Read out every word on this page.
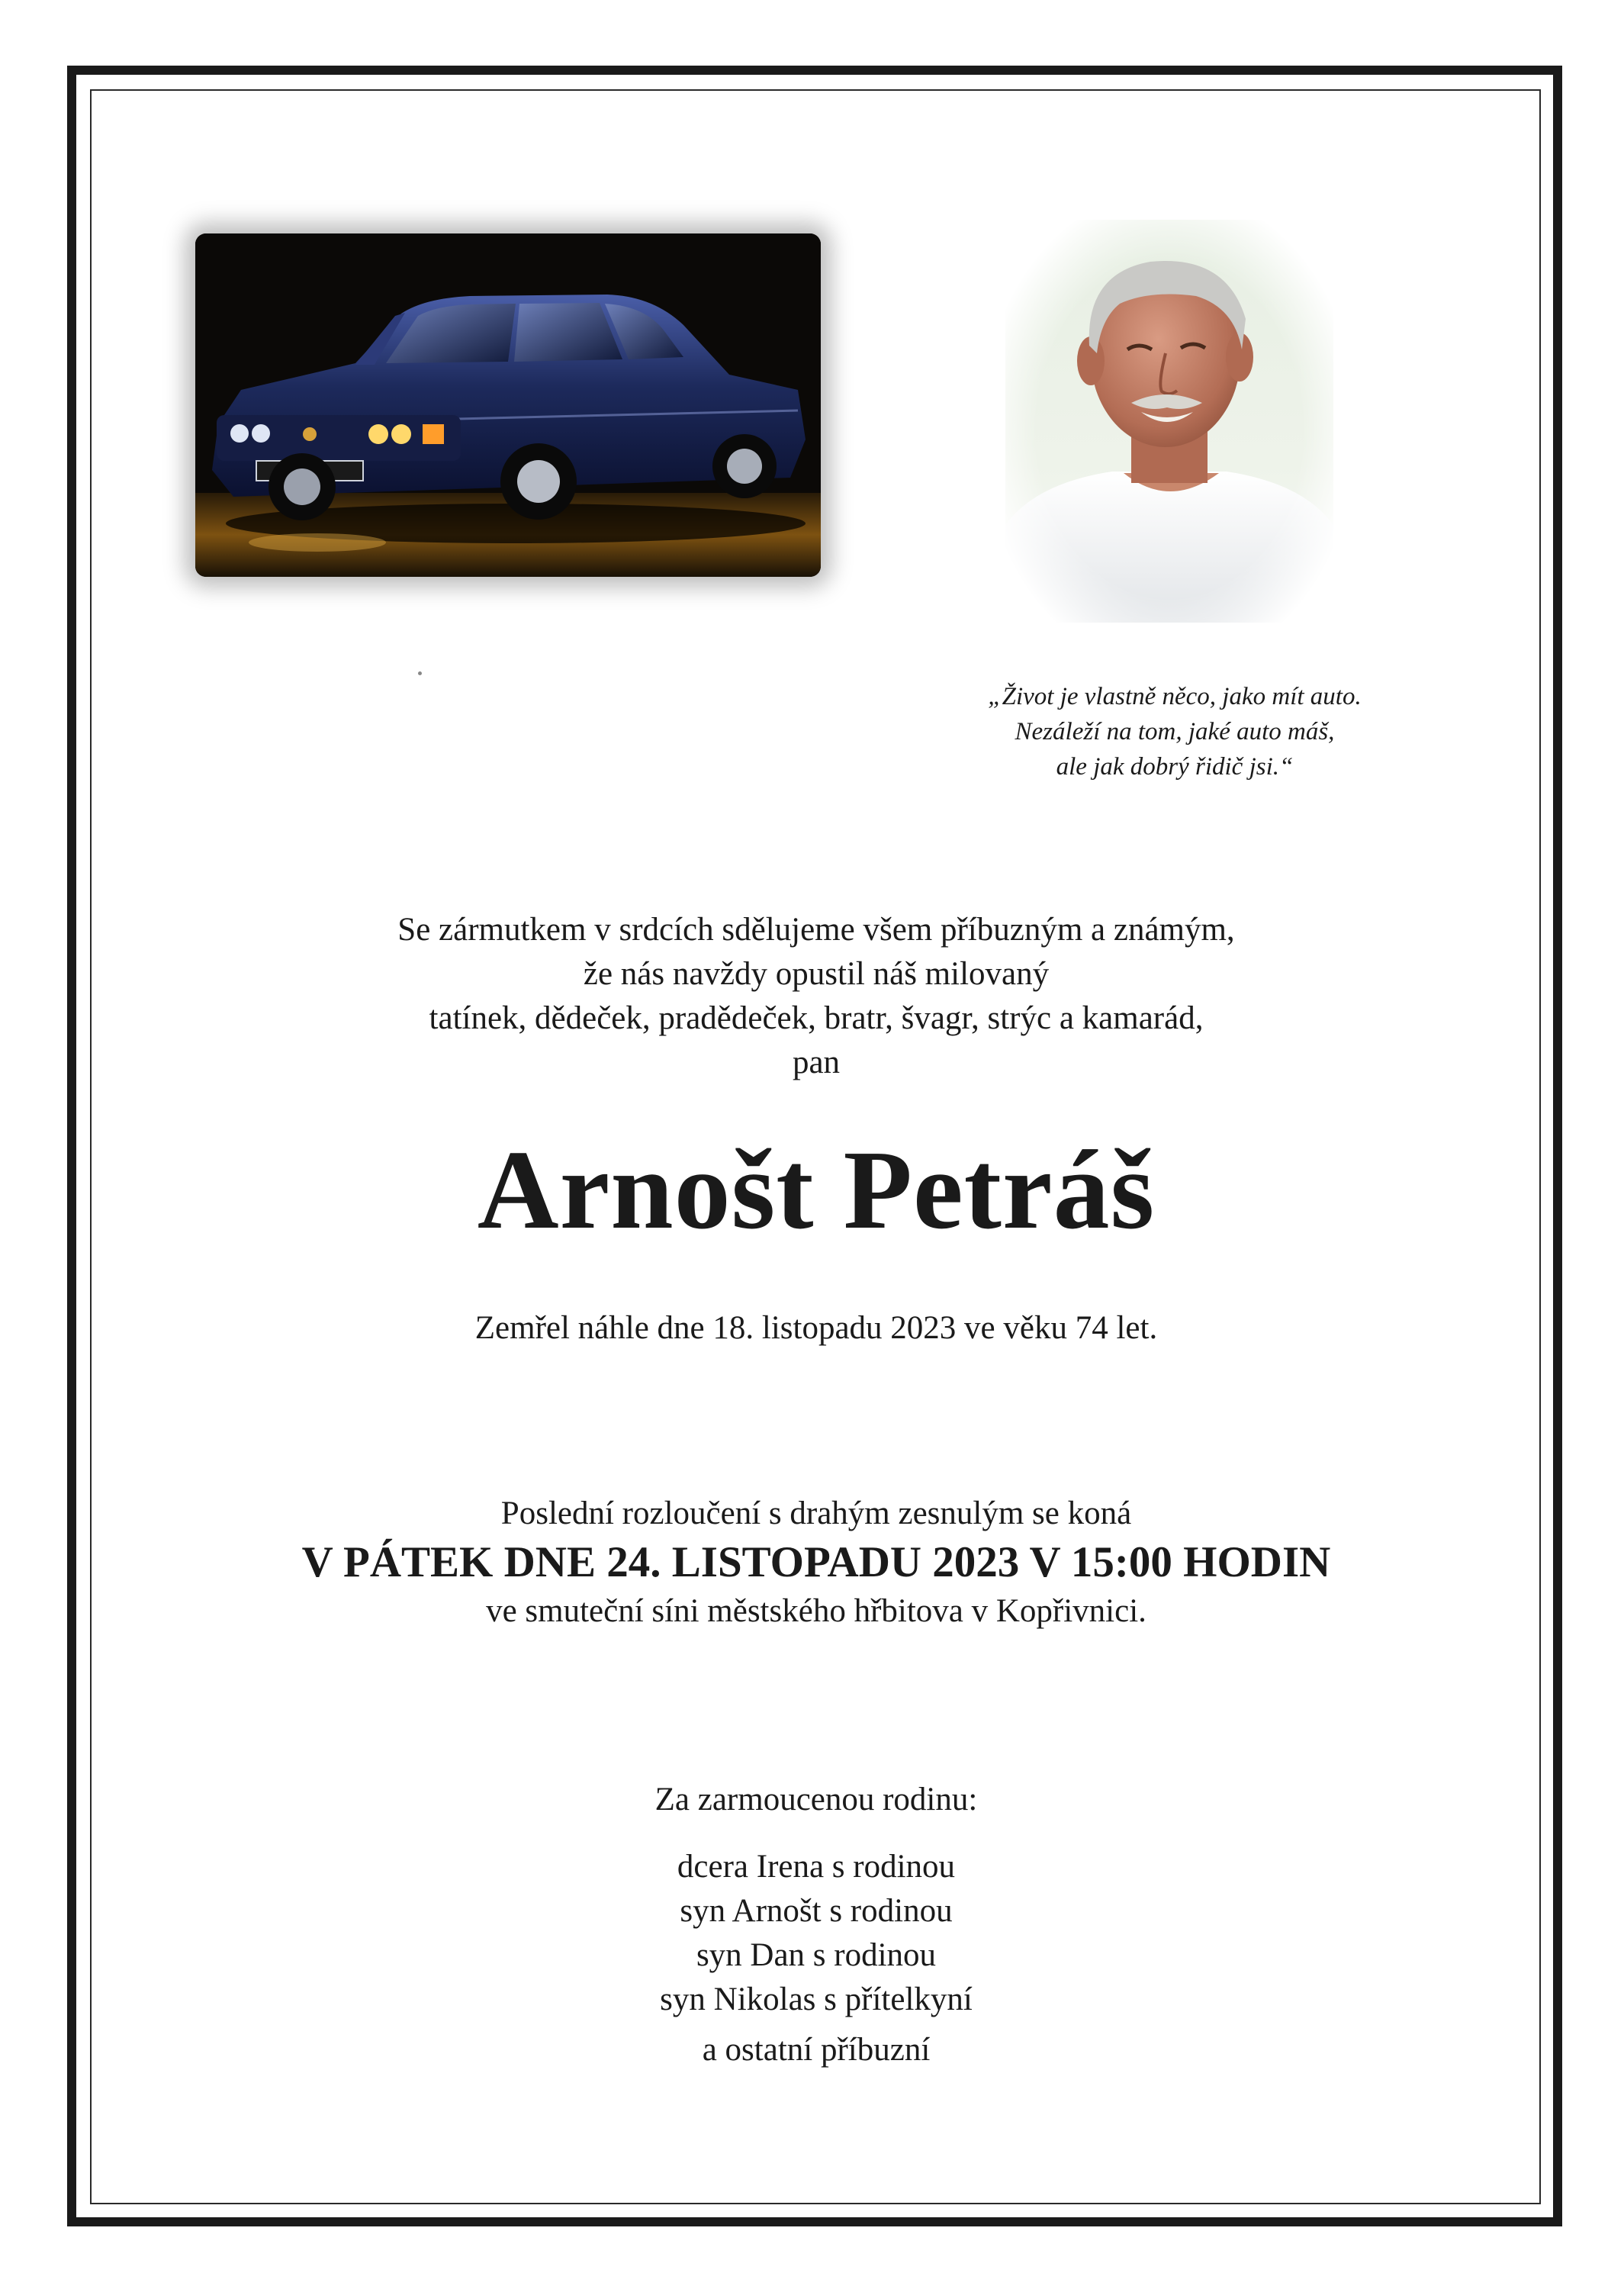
„Život je vlastně něco, jako mít auto.
Nezáleží na tom, jaké auto máš,
ale jak dobrý řidič jsi.“
Se zármutkem v srdcích sdělujeme všem příbuzným a známým,
že nás navždy opustil náš milovaný
tatínek, dědeček, pradědeček, bratr, švagr, strýc a kamarád,
pan
Arnošt Petráš
Zemřel náhle dne 18. listopadu 2023 ve věku 74 let.
Poslední rozloučení s drahým zesnulým se koná
V PÁTEK DNE 24. LISTOPADU 2023 V 15:00 HODIN
ve smuteční síni městského hřbitova v Kopřivnici.
Za zarmoucenou rodinu:
dcera Irena s rodinou
syn Arnošt s rodinou
syn Dan s rodinou
syn Nikolas s přítelkyní
a ostatní příbuzní
